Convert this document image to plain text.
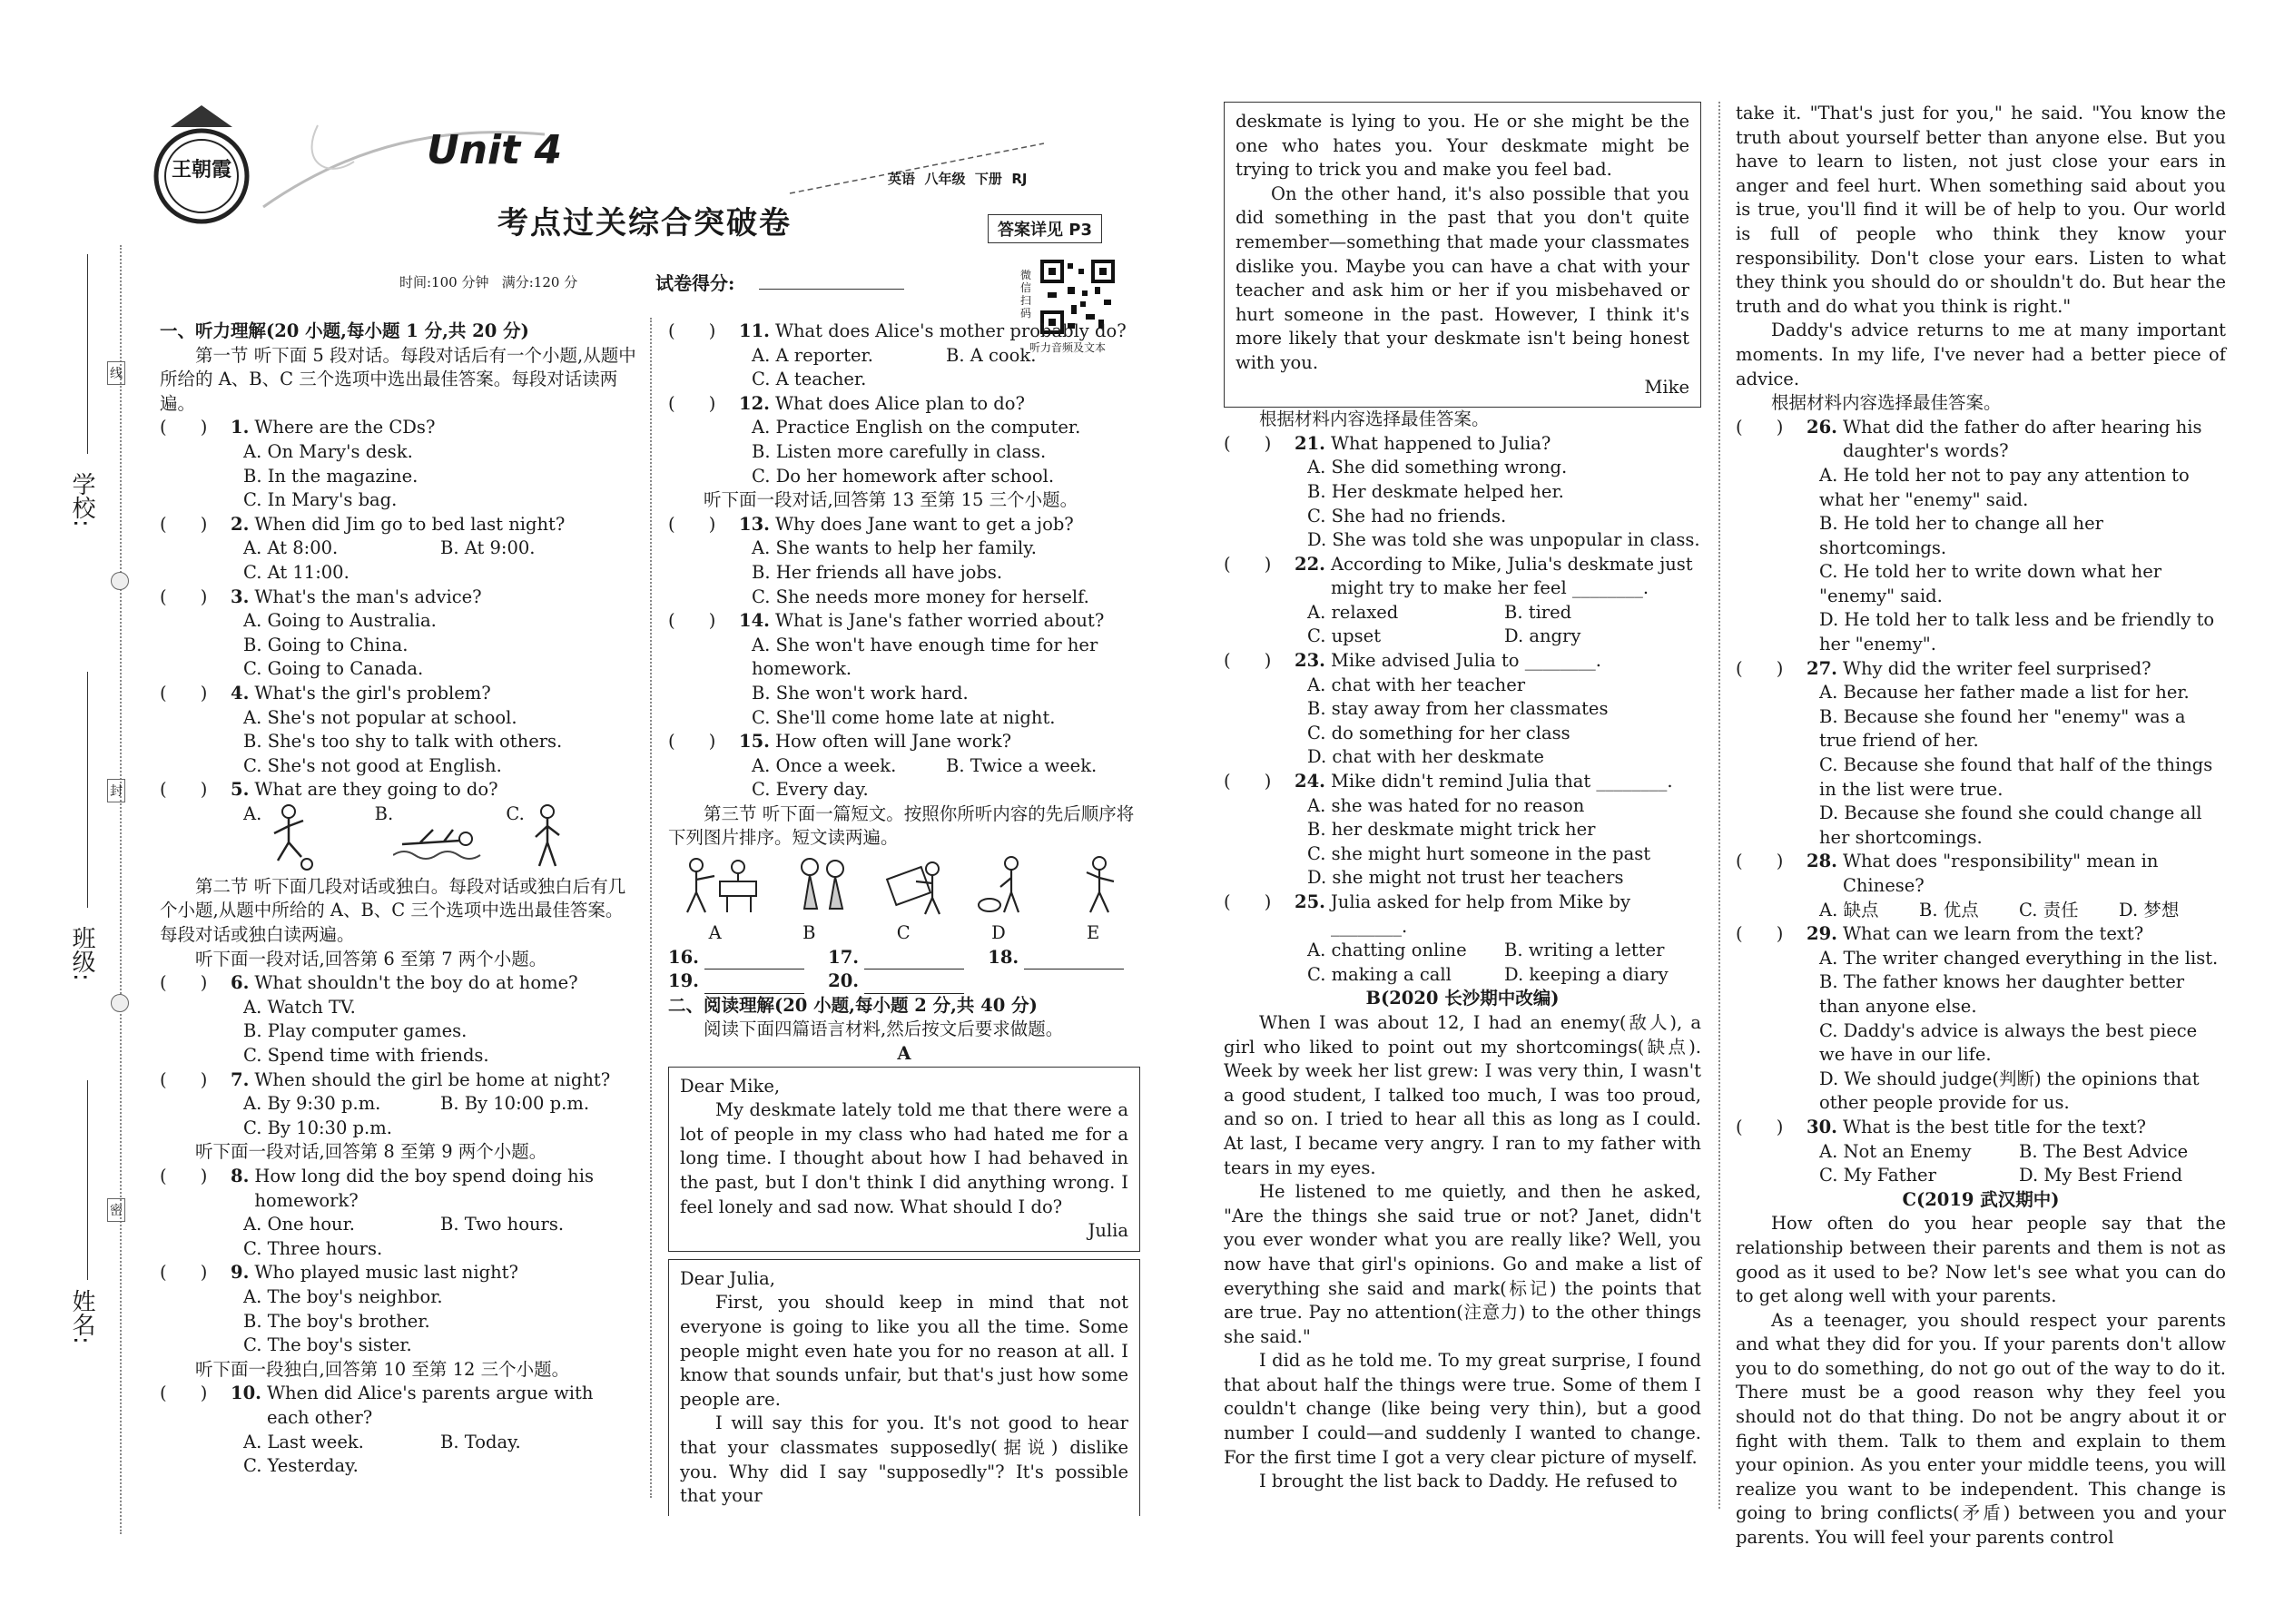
学校:
班级:
姓名:
线
封
密
王朝霞	Unit 4
考点过关综合突破卷
英语  八年级  下册  RJ
答案详见 P3
时间:100 分钟   满分:120 分	试卷得分:	微信扫码
听力音频及文本

一、听力理解(20 小题,每小题 1 分,共 20 分)

第一节 听下面 5 段对话。每段对话后有一个小题,从题中所给的 A、B、C 三个选项中选出最佳答案。每段对话读两遍。

(      )	1. Where are the CDs?

A. On Mary's desk.

B. In the magazine.

C. In Mary's bag.

(      )	2. When did Jim go to bed last night?
A. At 8:00.	B. At 9:00.

C. At 11:00.

(      )	3. What's the man's advice?

A. Going to Australia.

B. Going to China.

C. Going to Canada.

(      )	4. What's the girl's problem?

A. She's not popular at school.

B. She's too shy to talk with others.

C. She's not good at English.

(      )	5. What are they going to do?
A.	B.	C.

第二节 听下面几段对话或独白。每段对话或独白后有几个小题,从题中所给的 A、B、C 三个选项中选出最佳答案。每段对话或独白读两遍。

听下面一段对话,回答第 6 至第 7 两个小题。

(      )	6. What shouldn't the boy do at home?

A. Watch TV.

B. Play computer games.

C. Spend time with friends.

(      )	7. When should the girl be home at night?
A. By 9:30 p.m.	B. By 10:00 p.m.

C. By 10:30 p.m.

听下面一段对话,回答第 8 至第 9 两个小题。

(      )	8. How long did the boy spend doing his homework?
A. One hour.	B. Two hours.

C. Three hours.

(      )	9. Who played music last night?

A. The boy's neighbor.

B. The boy's brother.

C. The boy's sister.

听下面一段独白,回答第 10 至第 12 三个小题。

(      )	10. When did Alice's parents argue with each other?
A. Last week.	B. Today.

C. Yesterday.

(      )	11. What does Alice's mother probably do?
A. A reporter.	B. A cook.

C. A teacher.

(      )	12. What does Alice plan to do?

A. Practice English on the computer.

B. Listen more carefully in class.

C. Do her homework after school.

听下面一段对话,回答第 13 至第 15 三个小题。

(      )	13. Why does Jane want to get a job?

A. She wants to help her family.

B. Her friends all have jobs.

C. She needs more money for herself.

(      )	14. What is Jane's father worried about?

A. She won't have enough time for her homework.

B. She won't work hard.

C. She'll come home late at night.

(      )	15. How often will Jane work?
A. Once a week.	B. Twice a week.

C. Every day.

第三节 听下面一篇短文。按照你所听内容的先后顺序将下列图片排序。短文读两遍。

A	B	C	D	E
16.	17.	18.
19.	20.

二、阅读理解(20 小题,每小题 2 分,共 40 分)

阅读下面四篇语言材料,然后按文后要求做题。

A

Dear Mike,

My deskmate lately told me that there were a lot of people in my class who had hated me for a long time. I thought about how I had behaved in the past, but I don't think I did anything wrong. I feel lonely and sad now. What should I do?

Julia

Dear Julia,

First, you should keep in mind that not everyone is going to like you all the time. Some people might even hate you for no reason at all. I know that sounds unfair, but that's just how some people are.

I will say this for you. It's not good to hear that your classmates supposedly(据说) dislike you. Why did I say "supposedly"? It's possible that your

deskmate is lying to you. He or she might be the one who hates you. Your deskmate might be trying to trick you and make you feel bad.

On the other hand, it's also possible that you did something in the past that you don't quite remember—something that made your classmates dislike you. Maybe you can have a chat with your teacher and ask him or her if you misbehaved or hurt someone in the past. However, I think it's more likely that your deskmate isn't being honest with you.

Mike

根据材料内容选择最佳答案。

(      )	21. What happened to Julia?

A. She did something wrong.

B. Her deskmate helped her.

C. She had no friends.

D. She was told she was unpopular in class.

(      )	22. According to Mike, Julia's deskmate just might try to make her feel ________.
A. relaxed	B. tired
C. upset	D. angry
(      )	23. Mike advised Julia to ________.

A. chat with her teacher

B. stay away from her classmates

C. do something for her class

D. chat with her deskmate

(      )	24. Mike didn't remind Julia that ________.

A. she was hated for no reason

B. her deskmate might trick her

C. she might hurt someone in the past

D. she might not trust her teachers

(      )	25. Julia asked for help from Mike by ________.
A. chatting online	B. writing a letter
C. making a call	D. keeping a diary

B(2020 长沙期中改编)

When I was about 12, I had an enemy(敌人), a girl who liked to point out my shortcomings(缺点). Week by week her list grew: I was very thin, I wasn't a good student, I talked too much, I was too proud, and so on. I tried to hear all this as long as I could. At last, I became very angry. I ran to my father with tears in my eyes.

He listened to me quietly, and then he asked, "Are the things she said true or not? Janet, didn't you ever wonder what you are really like? Well, you now have that girl's opinions. Go and make a list of everything she said and mark(标记) the points that are true. Pay no attention(注意力) to the other things she said."

I did as he told me. To my great surprise, I found that about half the things were true. Some of them I couldn't change (like being very thin), but a good number I could—and suddenly I wanted to change. For the first time I got a very clear picture of myself.

I brought the list back to Daddy. He refused to

take it. "That's just for you," he said. "You know the truth about yourself better than anyone else. But you have to learn to listen, not just close your ears in anger and feel hurt. When something said about you is true, you'll find it will be of help to you. Our world is full of people who think they know your responsibility. Don't close your ears. Listen to what they think you should do or shouldn't do. But hear the truth and do what you think is right."

Daddy's advice returns to me at many important moments. In my life, I've never had a better piece of advice.

根据材料内容选择最佳答案。

(      )	26. What did the father do after hearing his daughter's words?

A. He told her not to pay any attention to what her "enemy" said.

B. He told her to change all her shortcomings.

C. He told her to write down what her "enemy" said.

D. He told her to talk less and be friendly to her "enemy".

(      )	27. Why did the writer feel surprised?

A. Because her father made a list for her.

B. Because she found her "enemy" was a true friend of her.

C. Because she found that half of the things in the list were true.

D. Because she found she could change all her shortcomings.

(      )	28. What does "responsibility" mean in Chinese?
A. 缺点	B. 优点	C. 责任	D. 梦想
(      )	29. What can we learn from the text?

A. The writer changed everything in the list.

B. The father knows her daughter better than anyone else.

C. Daddy's advice is always the best piece we have in our life.

D. We should judge(判断) the opinions that other people provide for us.

(      )	30. What is the best title for the text?
A. Not an Enemy	B. The Best Advice
C. My Father	D. My Best Friend

C(2019 武汉期中)

How often do you hear people say that the relationship between their parents and them is not as good as it used to be? Now let's see what you can do to get along well with your parents.

As a teenager, you should respect your parents and what they did for you. If your parents don't allow you to do something, do not go out of the way to do it. There must be a good reason why they feel you should not do that thing. Do not be angry about it or fight with them. Talk to them and explain to them your opinion. As you enter your middle teens, you will realize you want to be independent. This change is going to bring conflicts(矛盾) between you and your parents. You will feel your parents control
